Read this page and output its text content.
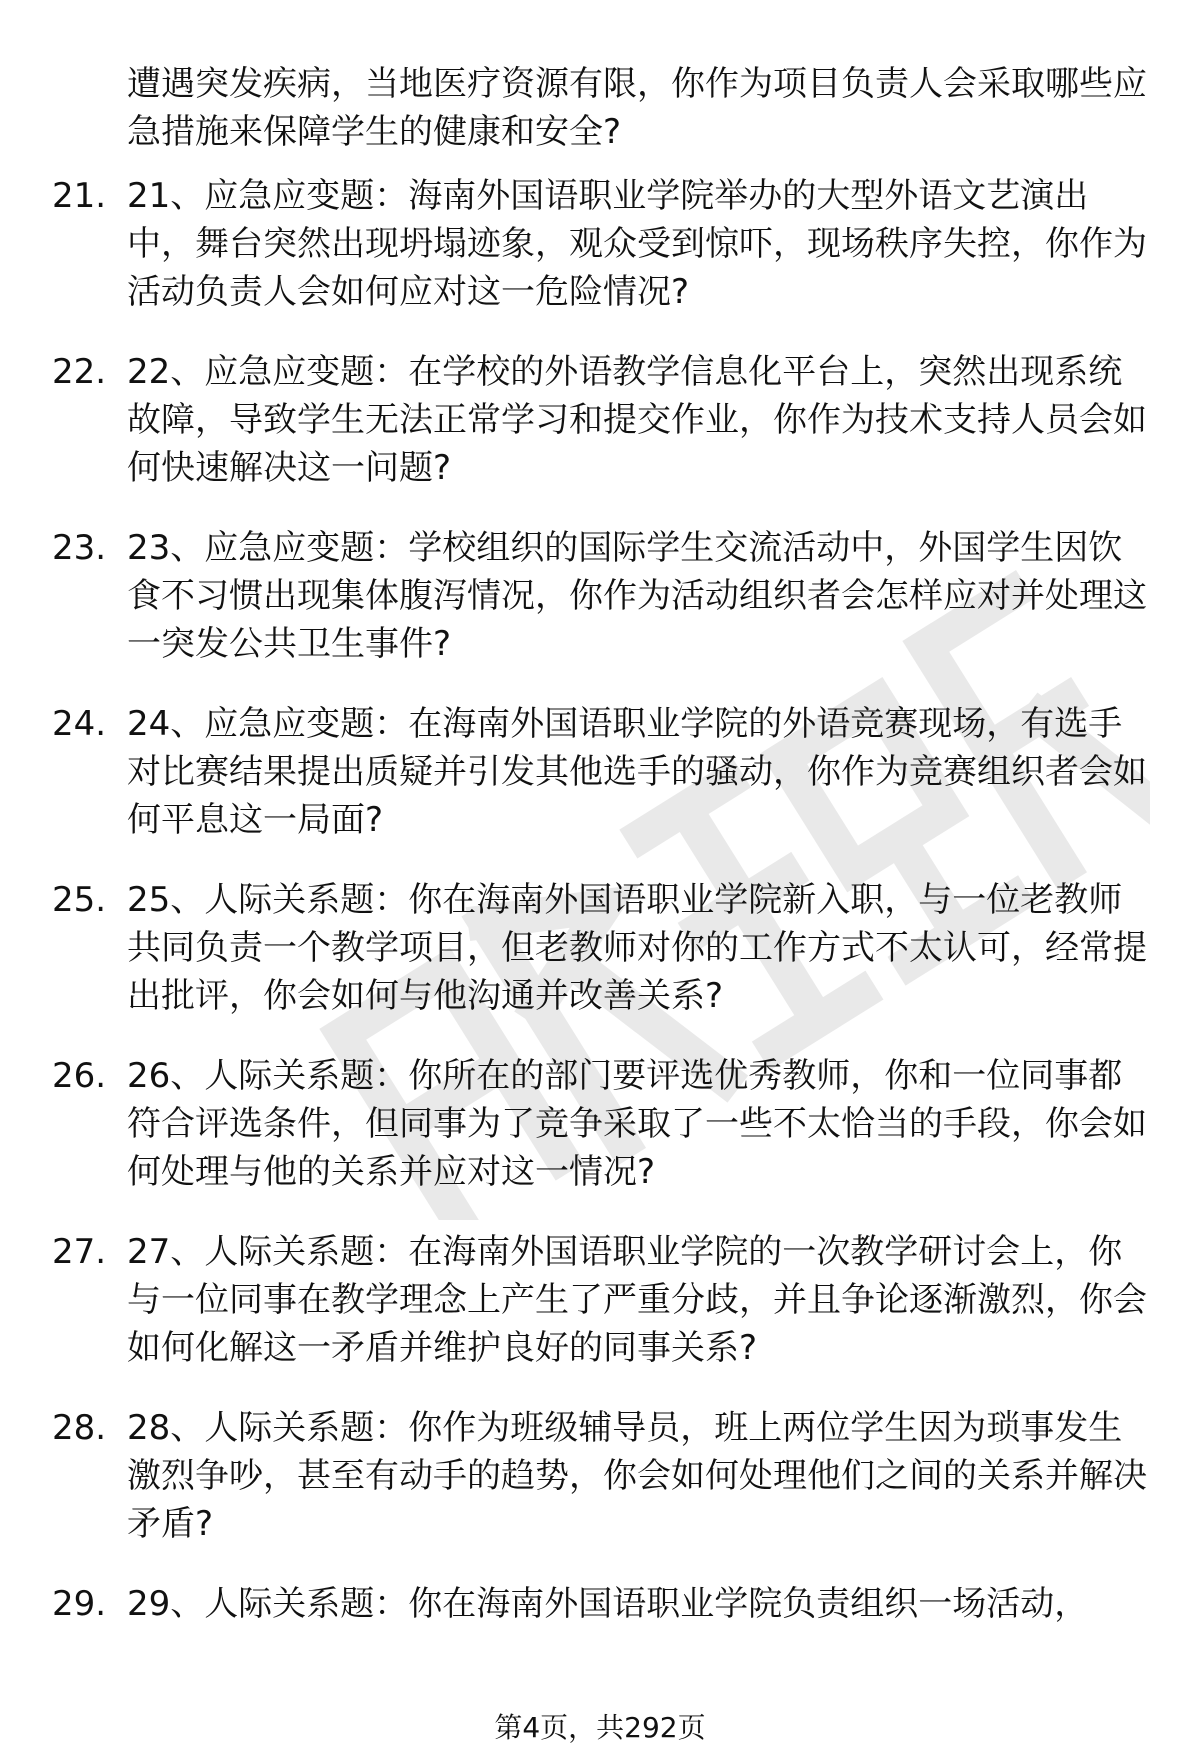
遭遇突发疾病，当地医疗资源有限，你作为项目负责人会采取哪些应急措施来保障学生的健康和安全?

21. 21、应急应变题：海南外国语职业学院举办的大型外语文艺演出中，舞台突然出现坍塌迹象，观众受到惊吓，现场秩序失控，你作为活动负责人会如何应对这一危险情况?
22. 22、应急应变题：在学校的外语教学信息化平台上，突然出现系统故障，导致学生无法正常学习和提交作业，你作为技术支持人员会如何快速解决这一问题?
23. 23、应急应变题：学校组织的国际学生交流活动中，外国学生因饮食不习惯出现集体腹泻情况，你作为活动组织者会怎样应对并处理这一突发公共卫生事件?
24. 24、应急应变题：在海南外国语职业学院的外语竞赛现场，有选手对比赛结果提出质疑并引发其他选手的骚动，你作为竞赛组织者会如何平息这一局面?
25. 25、人际关系题：你在海南外国语职业学院新入职，与一位老教师共同负责一个教学项目，但老教师对你的工作方式不太认可，经常提出批评，你会如何与他沟通并改善关系?
26. 26、人际关系题：你所在的部门要评选优秀教师，你和一位同事都符合评选条件，但同事为了竞争采取了一些不太恰当的手段，你会如何处理与他的关系并应对这一情况?
27. 27、人际关系题：在海南外国语职业学院的一次教学研讨会上，你与一位同事在教学理念上产生了严重分歧，并且争论逐渐激烈，你会如何化解这一矛盾并维护良好的同事关系?
28. 28、人际关系题：你作为班级辅导员，班上两位学生因为琐事发生激烈争吵，甚至有动手的趋势，你会如何处理他们之间的关系并解决矛盾?
29. 29、人际关系题：你在海南外国语职业学院负责组织一场活动，
第4页，共292页
